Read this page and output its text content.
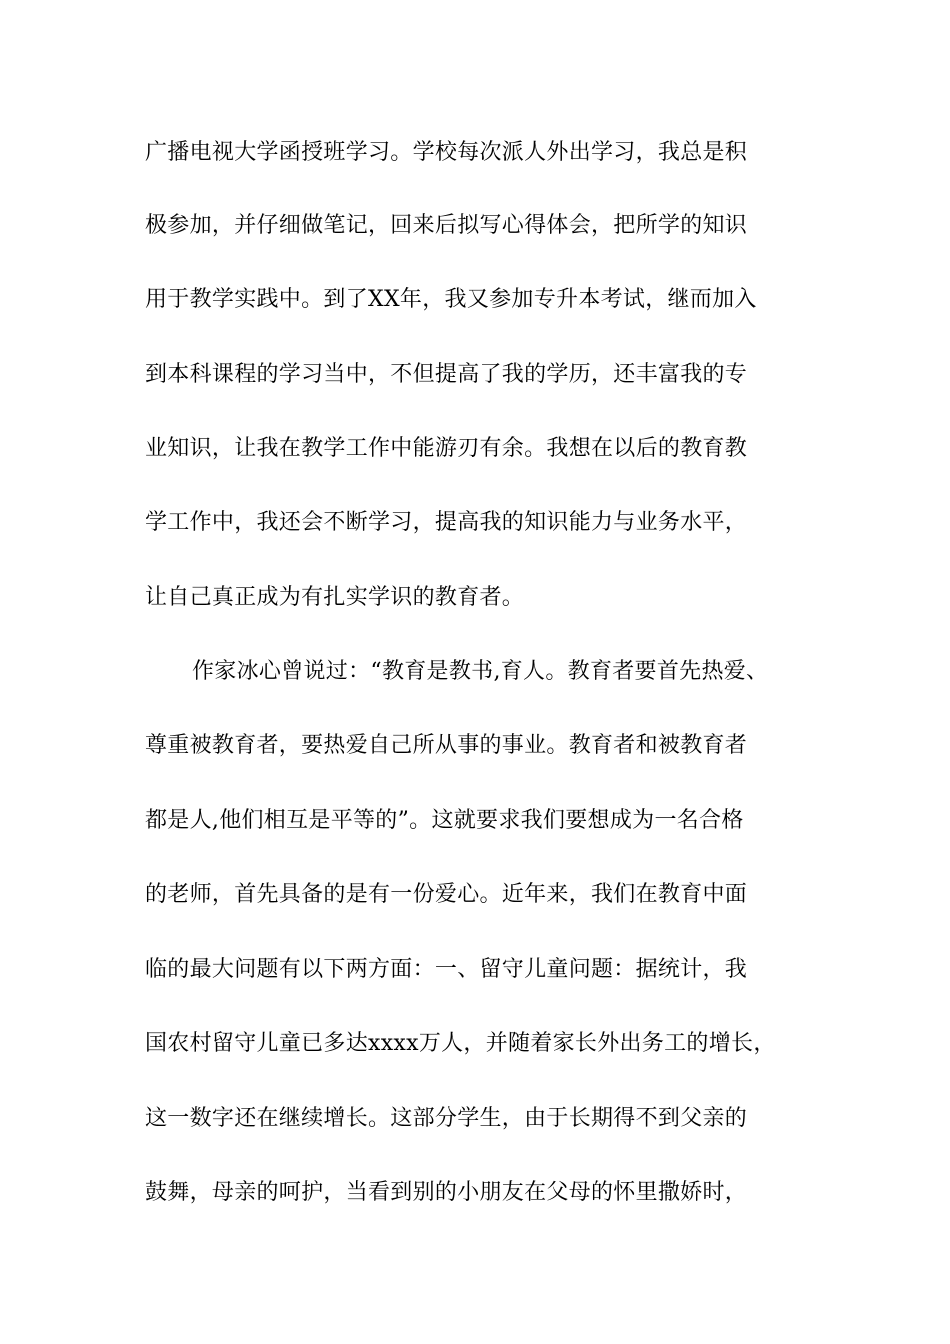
广播电视大学函授班学习。学校每次派人外出学习，我总是积
极参加，并仔细做笔记，回来后拟写心得体会，把所学的知识
用于教学实践中。到了XX年，我又参加专升本考试，继而加入
到本科课程的学习当中，不但提高了我的学历，还丰富我的专
业知识，让我在教学工作中能游刃有余。我想在以后的教育教
学工作中，我还会不断学习，提高我的知识能力与业务水平，
让自己真正成为有扎实学识的教育者。
作家冰心曾说过：“教育是教书,育人。教育者要首先热爱、
尊重被教育者，要热爱自己所从事的事业。教育者和被教育者
都是人,他们相互是平等的”。这就要求我们要想成为一名合格
的老师，首先具备的是有一份爱心。近年来，我们在教育中面
临的最大问题有以下两方面：一、留守儿童问题：据统计，我
国农村留守儿童已多达xxxx万人，并随着家长外出务工的增长，
这一数字还在继续增长。这部分学生，由于长期得不到父亲的
鼓舞，母亲的呵护，当看到别的小朋友在父母的怀里撒娇时，
